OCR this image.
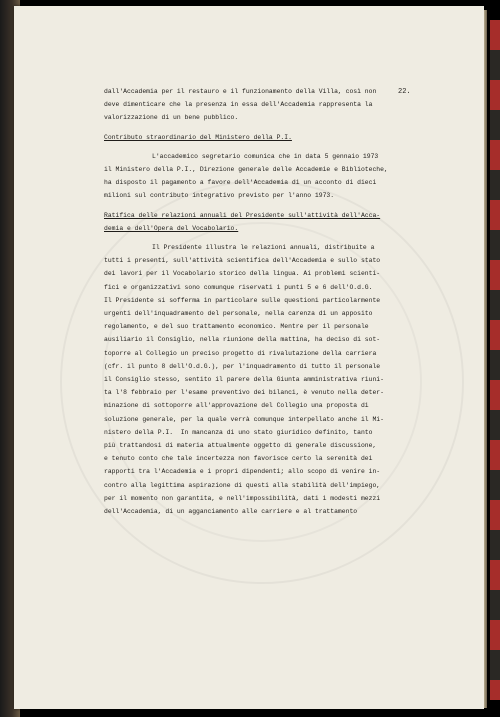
22.
dall'Accademia per il restauro e il funzionamento della Villa, così non
deve dimenticare che la presenza in essa dell'Accademia rappresenta la
valorizzazione di un bene pubblico.
Contributo straordinario del Ministero della P.I.
L'accademico segretario comunica che in data 5 gennaio 1973
il Ministero della P.I., Direzione generale delle Accademie e Biblioteche,
ha disposto il pagamento a favore dell'Accademia di un acconto di dieci
milioni sul contributo integrativo previsto per l'anno 1973.
Ratifica delle relazioni annuali del Presidente sull'attività dell'Acca-
demia e dell'Opera del Vocabolario.
Il Presidente illustra le relazioni annuali, distribuite a
tutti i presenti, sull'attività scientifica dell'Accademia e sullo stato
dei lavori per il Vocabolario storico della lingua. Ai problemi scienti-
fici e organizzativi sono comunque riservati i punti 5 e 6 dell'O.d.G.
Il Presidente si sofferma in particolare sulle questioni particolarmente
urgenti dell'inquadramento del personale, nella carenza di un apposito
regolamento, e del suo trattamento economico. Mentre per il personale
ausiliario il Consiglio, nella riunione della mattina, ha deciso di sot-
toporre al Collegio un preciso progetto di rivalutazione della carriera
(cfr. il punto 8 dell'O.d.G.), per l'inquadramento di tutto il personale
il Consiglio stesso, sentito il parere della Giunta amministrativa riuni-
ta l'8 febbraio per l'esame preventivo dei bilanci, è venuto nella deter-
minazione di sottoporre all'approvazione del Collegio una proposta di
soluzione generale, per la quale verrà comunque interpellato anche il Mi-
nistero della P.I.  In mancanza di uno stato giuridico definito, tanto
più trattandosi di materia attualmente oggetto di generale discussione,
e tenuto conto che tale incertezza non favorisce certo la serenità dei
rapporti tra l'Accademia e i propri dipendenti; allo scopo di venire in-
contro alla legittima aspirazione di questi alla stabilità dell'impiego,
per il momento non garantita, e nell'impossibilità, dati i modesti mezzi
dell'Accademia, di un agganciamento alle carriere e al trattamento
